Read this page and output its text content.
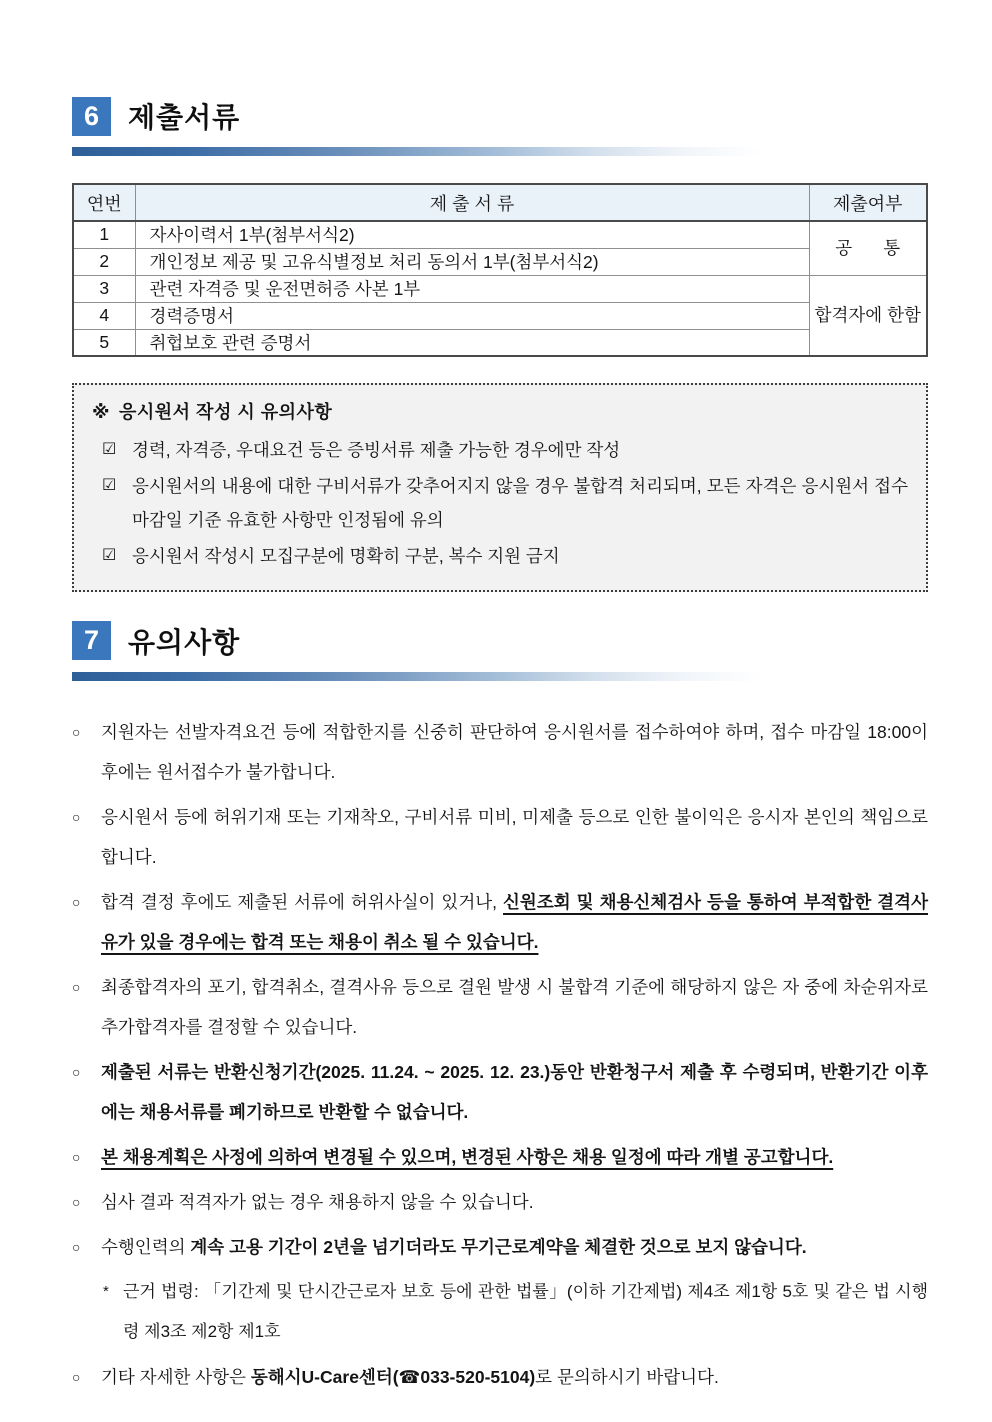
6	제출서류
연번	제 출 서 류	제출여부
1	자사이력서 1부(첨부서식2)	공 통
2	개인정보 제공 및 고유식별정보 처리 동의서 1부(첨부서식2)	
3	관련 자격증 및 운전면허증 사본 1부	합격자에 한함
4	경력증명서	
5	취헙보호 관련 증명서	
※ 응시원서 작성 시 유의사항
☑ 경력, 자격증, 우대요건 등은 증빙서류 제출 가능한 경우에만 작성
☑ 응시원서의 내용에 대한 구비서류가 갖추어지지 않을 경우 불합격 처리되며, 모든 자격은 응시원서 접수 마감일 기준 유효한 사항만 인정됨에 유의
☑ 응시원서 작성시 모집구분에 명확히 구분, 복수 지원 금지
7	유의사항
○	지원자는 선발자격요건 등에 적합한지를 신중히 판단하여 응시원서를 접수하여야 하며, 접수 마감일 18:00이후에는 원서접수가 불가합니다.

○	응시원서 등에 허위기재 또는 기재착오, 구비서류 미비, 미제출 등으로 인한 불이익은 응시자 본인의 책임으로 합니다.

○	합격 결정 후에도 제출된 서류에 허위사실이 있거나, 신원조회 및 채용신체검사 등을 통하여 부적합한 결격사유가 있을 경우에는 합격 또는 채용이 취소 될 수 있습니다.

○	최종합격자의 포기, 합격취소, 결격사유 등으로 결원 발생 시 불합격 기준에 해당하지 않은 자 중에 차순위자로 추가합격자를 결정할 수 있습니다.

○	제출된 서류는 반환신청기간(2025. 11.24. ~ 2025. 12. 23.)동안 반환청구서 제출 후 수령되며, 반환기간 이후에는 채용서류를 폐기하므로 반환할 수 없습니다.

○	본 채용계획은 사정에 의하여 변경될 수 있으며, 변경된 사항은 채용 일정에 따라 개별 공고합니다.

○	심사 결과 적격자가 없는 경우 채용하지 않을 수 있습니다.

○	수행인력의 계속 고용 기간이 2년을 넘기더라도 무기근로계약을 체결한 것으로 보지 않습니다.

* 근거 법령: 「기간제 및 단시간근로자 보호 등에 관한 법률」(이하 기간제법) 제4조 제1항 5호 및 같은 법 시행령 제3조 제2항 제1호

○	기타 자세한 사항은 동해시U-Care센터(☎033-520-5104)로 문의하시기 바랍니다.
